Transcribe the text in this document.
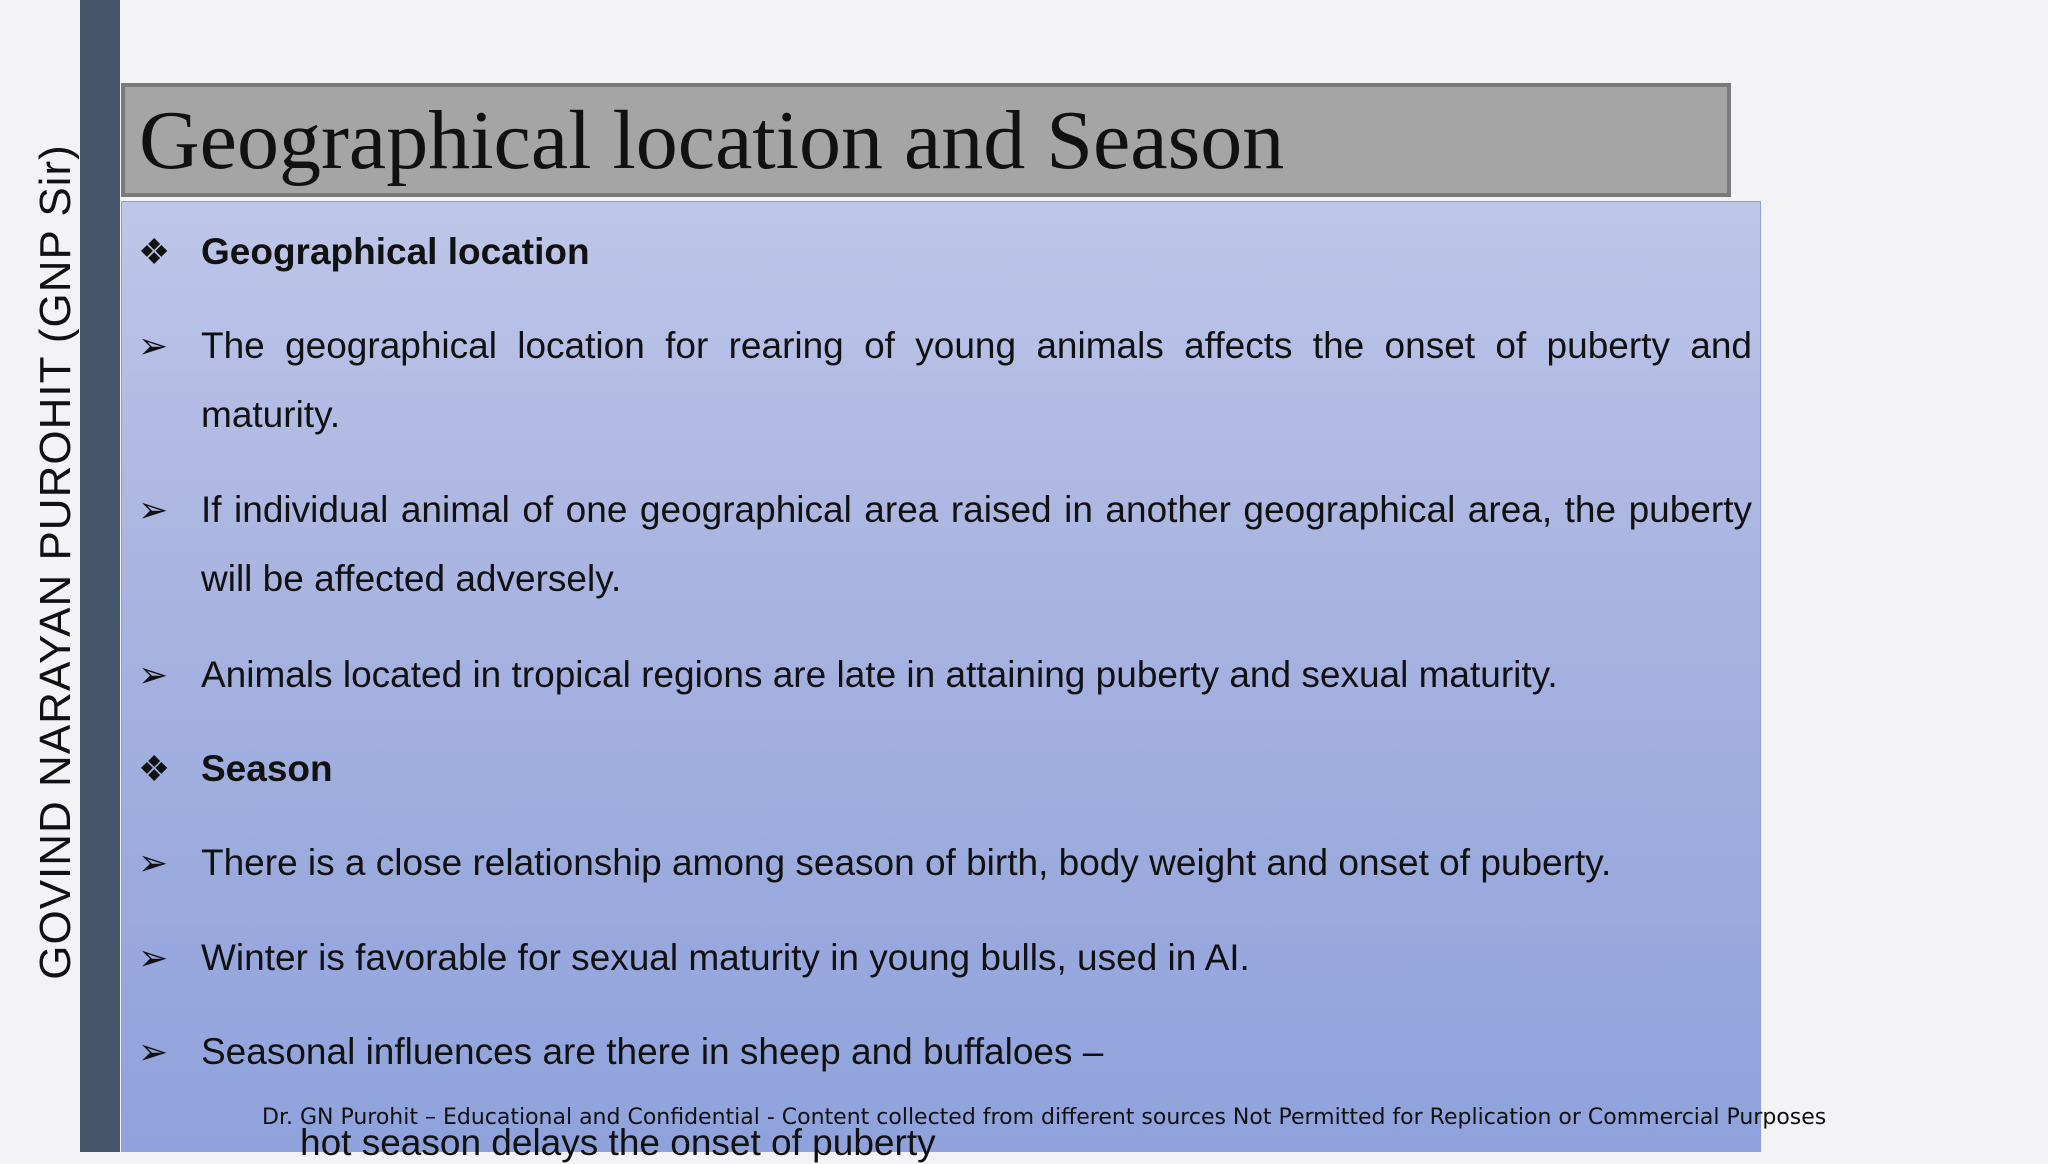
GOVIND NARAYAN PUROHIT (GNP Sir)
Geographical location and Season
❖ Geographical location
➢ The geographical location for rearing of young animals affects the onset of puberty and maturity.
➢ If individual animal of one geographical area raised in another geographical area, the puberty will be affected adversely.
➢ Animals located in tropical regions are late in attaining puberty and sexual maturity.
❖ Season
➢ There is a close relationship among season of birth, body weight and onset of puberty.
➢ Winter is favorable for sexual maturity in young bulls, used in AI.
➢ Seasonal influences are there in sheep and buffaloes –
hot season delays the onset of puberty
Dr. GN Purohit – Educational and Confidential - Content collected from different sources Not Permitted for Replication or Commercial Purposes
